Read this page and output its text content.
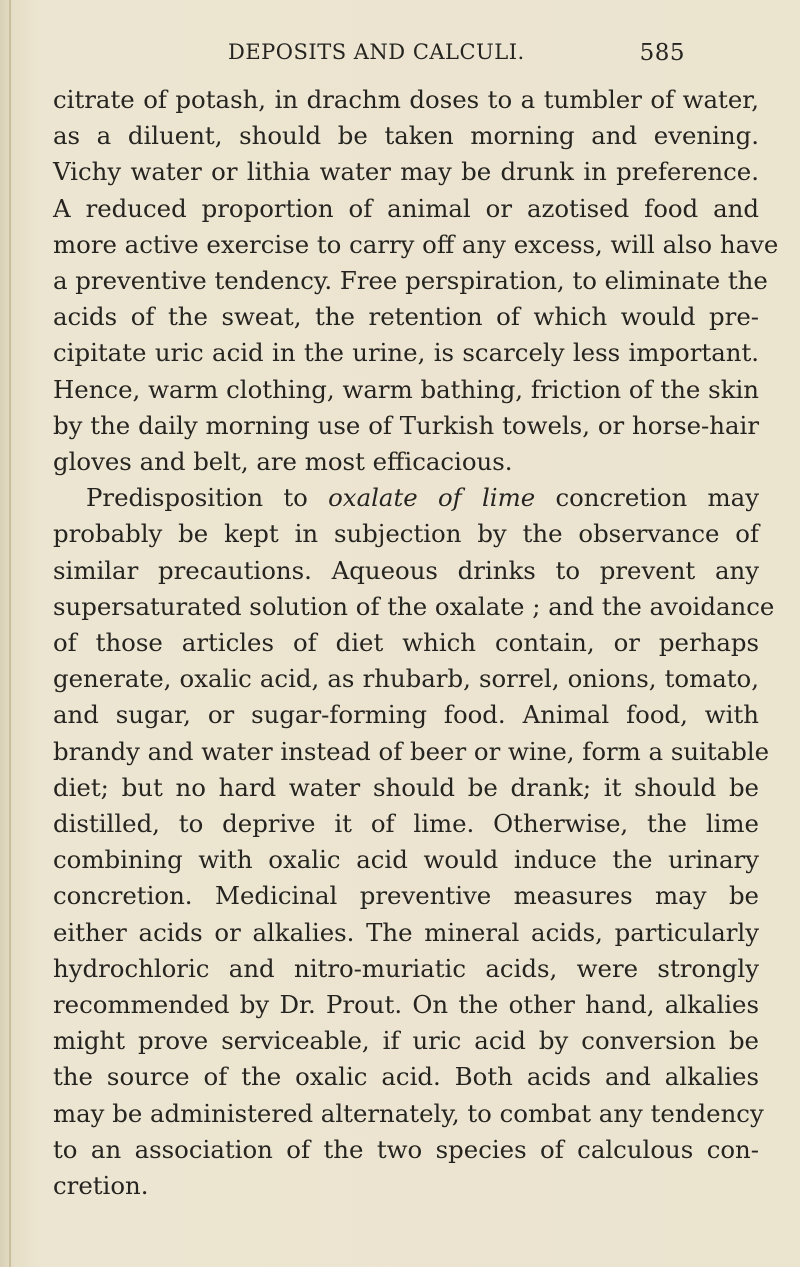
DEPOSITS AND CALCULI.	585
citrate of potash, in drachm doses to a tumbler of water,
as a diluent, should be taken morning and evening.
Vichy water or lithia water may be drunk in preference.
A reduced proportion of animal or azotised food and
more active exercise to carry off any excess, will also have
a preventive tendency. Free perspiration, to eliminate the
acids of the sweat, the retention of which would pre-
cipitate uric acid in the urine, is scarcely less important.
Hence, warm clothing, warm bathing, friction of the skin
by the daily morning use of Turkish towels, or horse-hair
gloves and belt, are most efficacious.
Predisposition to oxalate of lime concretion may
probably be kept in subjection by the observance of
similar precautions. Aqueous drinks to prevent any
supersaturated solution of the oxalate ; and the avoidance
of those articles of diet which contain, or perhaps
generate, oxalic acid, as rhubarb, sorrel, onions, tomato,
and sugar, or sugar-forming food. Animal food, with
brandy and water instead of beer or wine, form a suitable
diet; but no hard water should be drank; it should be
distilled, to deprive it of lime. Otherwise, the lime
combining with oxalic acid would induce the urinary
concretion. Medicinal preventive measures may be
either acids or alkalies. The mineral acids, particularly
hydrochloric and nitro-muriatic acids, were strongly
recommended by Dr. Prout. On the other hand, alkalies
might prove serviceable, if uric acid by conversion be
the source of the oxalic acid. Both acids and alkalies
may be administered alternately, to combat any tendency
to an association of the two species of calculous con-
cretion.
